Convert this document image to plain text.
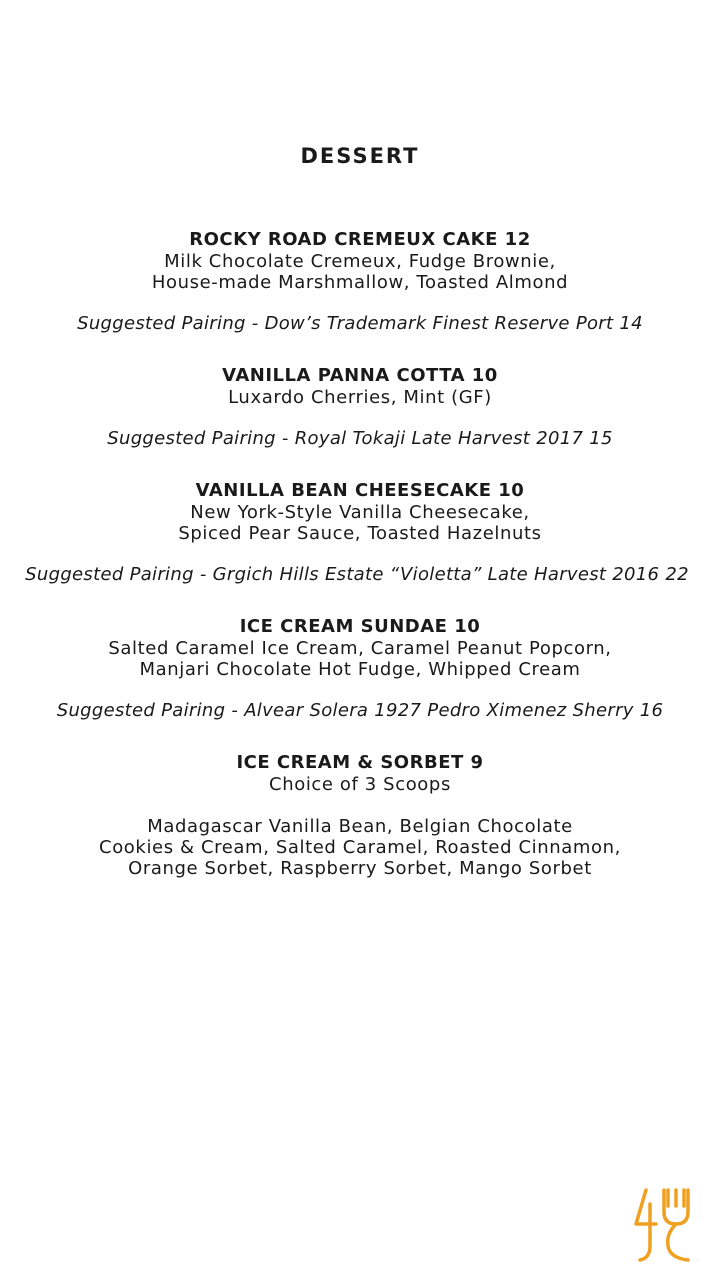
DESSERT
ROCKY ROAD CREMEUX CAKE 12
Milk Chocolate Cremeux, Fudge Brownie,
House-made Marshmallow, Toasted Almond
Suggested Pairing - Dow’s Trademark Finest Reserve Port 14
VANILLA PANNA COTTA 10
Luxardo Cherries, Mint (GF)
Suggested Pairing - Royal Tokaji Late Harvest 2017 15
VANILLA BEAN CHEESECAKE 10
New York-Style Vanilla Cheesecake,
Spiced Pear Sauce, Toasted Hazelnuts
Suggested Pairing - Grgich Hills Estate “Violetta” Late Harvest 2016 22
ICE CREAM SUNDAE 10
Salted Caramel Ice Cream, Caramel Peanut Popcorn,
Manjari Chocolate Hot Fudge, Whipped Cream
Suggested Pairing - Alvear Solera 1927 Pedro Ximenez Sherry 16
ICE CREAM & SORBET 9
Choice of 3 Scoops
Madagascar Vanilla Bean, Belgian Chocolate
Cookies & Cream, Salted Caramel, Roasted Cinnamon,
Orange Sorbet, Raspberry Sorbet, Mango Sorbet
